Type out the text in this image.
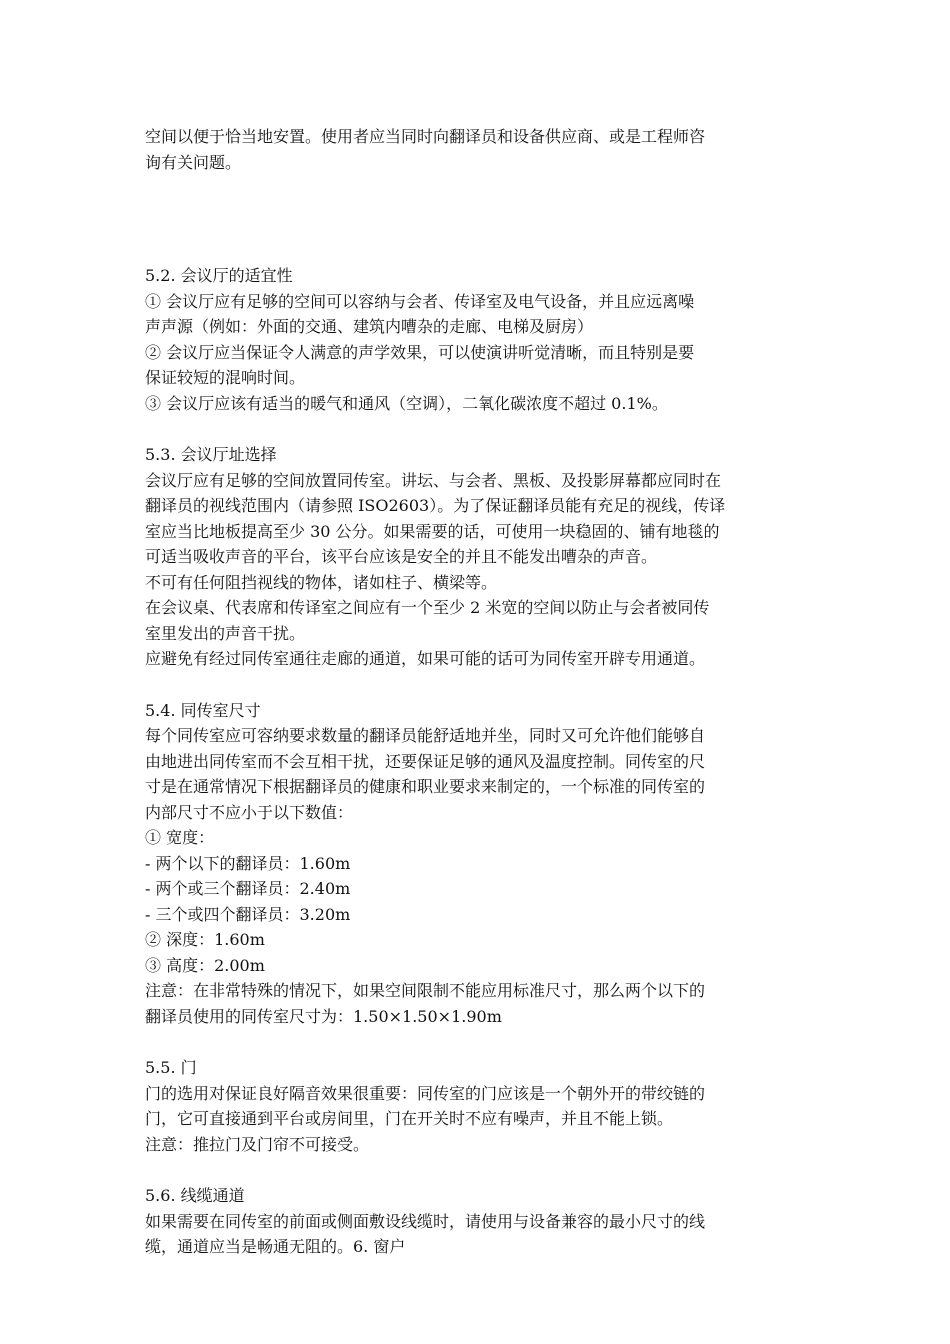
空间以便于恰当地安置。使用者应当同时向翻译员和设备供应商、或是工程师咨
询有关问题。
5.2. 会议厅的适宜性
① 会议厅应有足够的空间可以容纳与会者、传译室及电气设备，并且应远离噪
声声源（例如：外面的交通、建筑内嘈杂的走廊、电梯及厨房）
② 会议厅应当保证令人满意的声学效果，可以使演讲听觉清晰，而且特别是要
保证较短的混响时间。
③ 会议厅应该有适当的暖气和通风（空调），二氧化碳浓度不超过 0.1%。
5.3. 会议厅址选择
会议厅应有足够的空间放置同传室。讲坛、与会者、黑板、及投影屏幕都应同时在
翻译员的视线范围内（请参照 ISO2603）。为了保证翻译员能有充足的视线，传译
室应当比地板提高至少 30 公分。如果需要的话，可使用一块稳固的、铺有地毯的
可适当吸收声音的平台，该平台应该是安全的并且不能发出嘈杂的声音。
不可有任何阻挡视线的物体，诸如柱子、横梁等。
在会议桌、代表席和传译室之间应有一个至少 2 米宽的空间以防止与会者被同传
室里发出的声音干扰。
应避免有经过同传室通往走廊的通道，如果可能的话可为同传室开辟专用通道。
5.4. 同传室尺寸
每个同传室应可容纳要求数量的翻译员能舒适地并坐，同时又可允许他们能够自
由地进出同传室而不会互相干扰，还要保证足够的通风及温度控制。同传室的尺
寸是在通常情况下根据翻译员的健康和职业要求来制定的，一个标准的同传室的
内部尺寸不应小于以下数值：
① 宽度：
- 两个以下的翻译员：1.60m
- 两个或三个翻译员：2.40m
- 三个或四个翻译员：3.20m
② 深度：1.60m
③ 高度：2.00m
注意：在非常特殊的情况下，如果空间限制不能应用标准尺寸，那么两个以下的
翻译员使用的同传室尺寸为：1.50×1.50×1.90m
5.5. 门
门的选用对保证良好隔音效果很重要：同传室的门应该是一个朝外开的带绞链的
门，它可直接通到平台或房间里，门在开关时不应有噪声，并且不能上锁。
注意：推拉门及门帘不可接受。
5.6. 线缆通道
如果需要在同传室的前面或侧面敷设线缆时，请使用与设备兼容的最小尺寸的线
缆，通道应当是畅通无阻的。6. 窗户
